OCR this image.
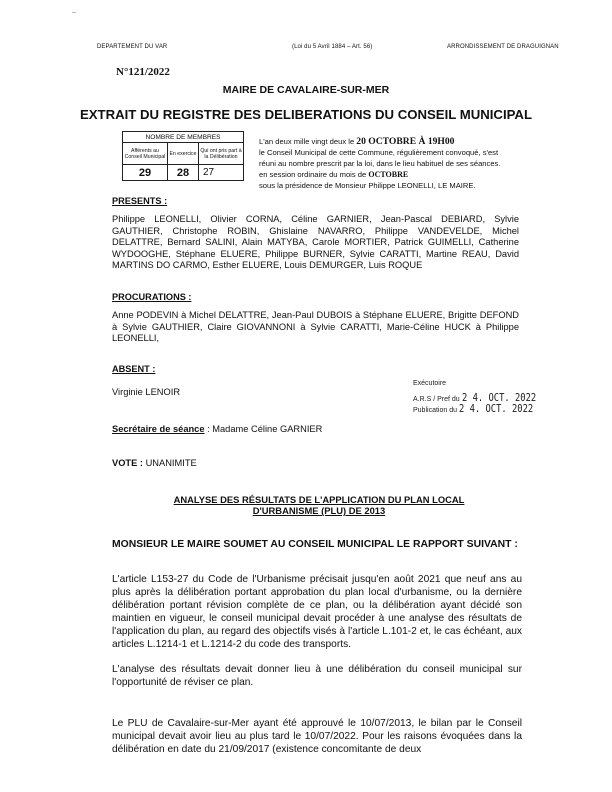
DEPARTEMENT DU VAR	(Loi du 5 Avril 1884 – Art. 56)	ARRONDISSEMENT DE DRAGUIGNAN
N°121/2022
MAIRE DE CAVALAIRE-SUR-MER
EXTRAIT DU REGISTRE DES DELIBERATIONS DU CONSEIL MUNICIPAL
NOMBRE DE MEMBRES		
Afférents au Conseil Municipal	En exercice	Qui ont pris part à la Délibération
29	28	27
L'an deux mille vingt deux le 20 OCTOBRE À 19H00
le Conseil Municipal de cette Commune, régulièrement convoqué, s'est
réuni au nombre prescrit par la loi, dans le lieu habituel de ses séances.
en session ordinaire du mois de OCTOBRE
sous la présidence de Monsieur Philippe LEONELLI, LE MAIRE.
PRESENTS :
Philippe LEONELLI, Olivier CORNA, Céline GARNIER, Jean-Pascal DEBIARD, Sylvie GAUTHIER, Christophe ROBIN, Ghislaine NAVARRO, Philippe VANDEVELDE, Michel DELATTRE, Bernard SALINI, Alain MATYBA, Carole MORTIER, Patrick GUIMELLI, Catherine WYDOOGHE, Stéphane ELUERE, Philippe BURNER, Sylvie CARATTI, Martine REAU, David MARTINS DO CARMO, Esther ELUERE, Louis DEMURGER, Luis ROQUE
PROCURATIONS :
Anne PODEVIN à Michel DELATTRE, Jean-Paul DUBOIS à Stéphane ELUERE, Brigitte DEFOND à Sylvie GAUTHIER, Claire GIOVANNONI à Sylvie CARATTI, Marie-Céline HUCK à Philippe LEONELLI,
ABSENT :
Virginie LENOIR
Exécutoire
A.R.S / Pref du 2 4. OCT. 2022
Publication du 2 4. OCT. 2022
Secrétaire de séance : Madame Céline GARNIER
VOTE : UNANIMITE
ANALYSE DES RÉSULTATS DE L'APPLICATION DU PLAN LOCAL
D'URBANISME (PLU) DE 2013
MONSIEUR LE MAIRE SOUMET AU CONSEIL MUNICIPAL LE RAPPORT SUIVANT :
L'article L153-27 du Code de l'Urbanisme précisait jusqu'en août 2021 que neuf ans au plus après la délibération portant approbation du plan local d'urbanisme, ou la dernière délibération portant révision complète de ce plan, ou la délibération ayant décidé son maintien en vigueur, le conseil municipal devait procéder à une analyse des résultats de l'application du plan, au regard des objectifs visés à l'article L.101-2 et, le cas échéant, aux articles L.1214-1 et L.1214-2 du code des transports.
L'analyse des résultats devait donner lieu à une délibération du conseil municipal sur l'opportunité de réviser ce plan.
Le PLU de Cavalaire-sur-Mer ayant été approuvé le 10/07/2013, le bilan par le Conseil municipal devait avoir lieu au plus tard le 10/07/2022. Pour les raisons évoquées dans la délibération en date du 21/09/2017 (existence concomitante de deux
